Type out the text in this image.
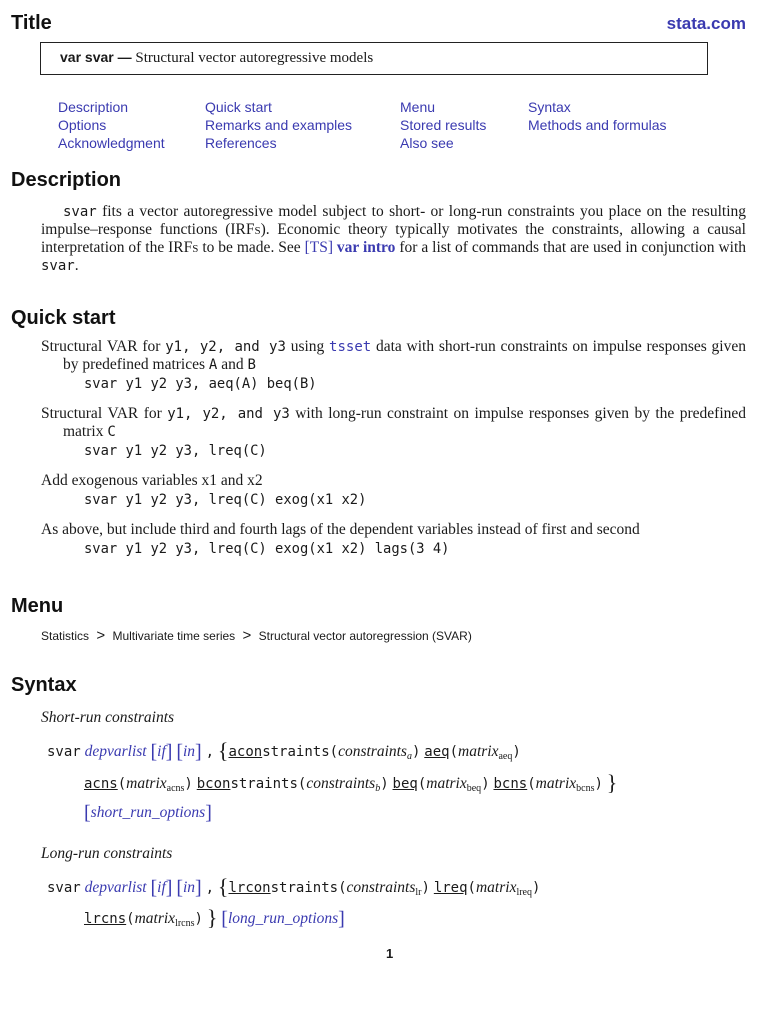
Title	stata.com
var svar — Structural vector autoregressive models
Description
Options
Acknowledgment
Quick start
Remarks and examples
References
Menu
Stored results
Also see
Syntax
Methods and formulas
Description
svar fits a vector autoregressive model subject to short- or long-run constraints you place on the resulting impulse–response functions (IRFs). Economic theory typically motivates the constraints, allowing a causal interpretation of the IRFs to be made. See [TS] var intro for a list of commands that are used in conjunction with svar.
Quick start
Structural VAR for y1, y2, and y3 using tsset data with short-run constraints on impulse responses given by predefined matrices A and B
svar y1 y2 y3, aeq(A) beq(B)
Structural VAR for y1, y2, and y3 with long-run constraint on impulse responses given by the predefined matrix C
svar y1 y2 y3, lreq(C)
Add exogenous variables x1 and x2
svar y1 y2 y3, lreq(C) exog(x1 x2)
As above, but include third and fourth lags of the dependent variables instead of first and second
svar y1 y2 y3, lreq(C) exog(x1 x2) lags(3 4)
Menu
Statistics > Multivariate time series > Structural vector autoregression (SVAR)
Syntax
Short-run constraints
svar depvarlist [if] [in] , {aconstraints(constraints$_a$) aeq(matrix$_{aeq}$)
acns(matrix$_{acns}$) bconstraints(constraints$_b$) beq(matrix$_{beq}$) bcns(matrix$_{bcns}$) }
[short_run_options]
Long-run constraints
svar depvarlist [if] [in] , {lrconstraints(constraints$_{lr}$) lreq(matrix$_{lreq}$)
lrcns(matrix$_{lrcns}$) } [long_run_options]
1
